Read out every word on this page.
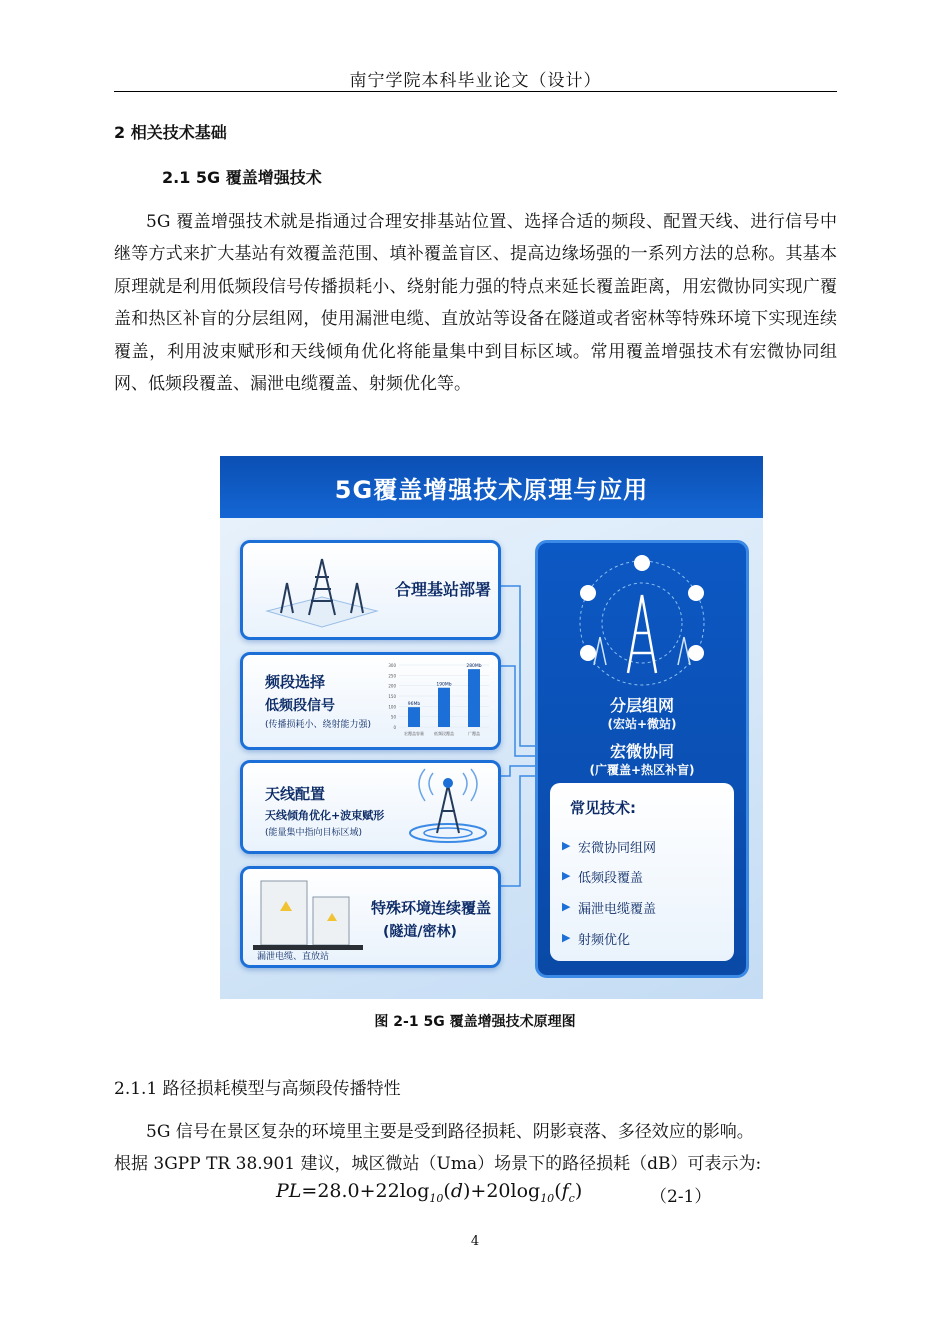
南宁学院本科毕业论文（设计）
2 相关技术基础
2.1 5G 覆盖增强技术

5G 覆盖增强技术就是指通过合理安排基站位置、选择合适的频段、配置天线、进行信号中继等方式来扩大基站有效覆盖范围、填补覆盖盲区、提高边缘场强的一系列方法的总称。其基本原理就是利用低频段信号传播损耗小、绕射能力强的特点来延长覆盖距离，用宏微协同实现广覆盖和热区补盲的分层组网，使用漏泄电缆、直放站等设备在隧道或者密林等特殊环境下实现连续覆盖，利用波束赋形和天线倾角优化将能量集中到目标区域。常用覆盖增强技术有宏微协同组网、低频段覆盖、漏泄电缆覆盖、射频优化等。

5G覆盖增强技术原理与应用
合理基站部署
频段选择
低频段信号
(传播损耗小、绕射能力强)
300
250
200
150
100
50
0
96Mb
宏覆盖容量
190Mb
低频段覆盖
280Mb
广覆盖
天线配置
天线倾角优化+波束赋形
(能量集中指向目标区域)
漏泄电缆、直放站
特殊环境连续覆盖
(隧道/密林)
分层组网
(宏站+微站)
宏微协同
(广覆盖+热区补盲)
常见技术:
▶ 宏微协同组网
▶ 低频段覆盖
▶ 漏泄电缆覆盖
▶ 射频优化
图 2-1 5G 覆盖增强技术原理图
2.1.1 路径损耗模型与高频段传播特性

5G 信号在景区复杂的环境里主要是受到路径损耗、阴影衰落、多径效应的影响。
根据 3GPP TR 38.901 建议，城区微站（Uma）场景下的路径损耗（dB）可表示为:

$PL=28.0+22\log_{10}(d)+20\log_{10}(f_c)$	（2-1）
4
